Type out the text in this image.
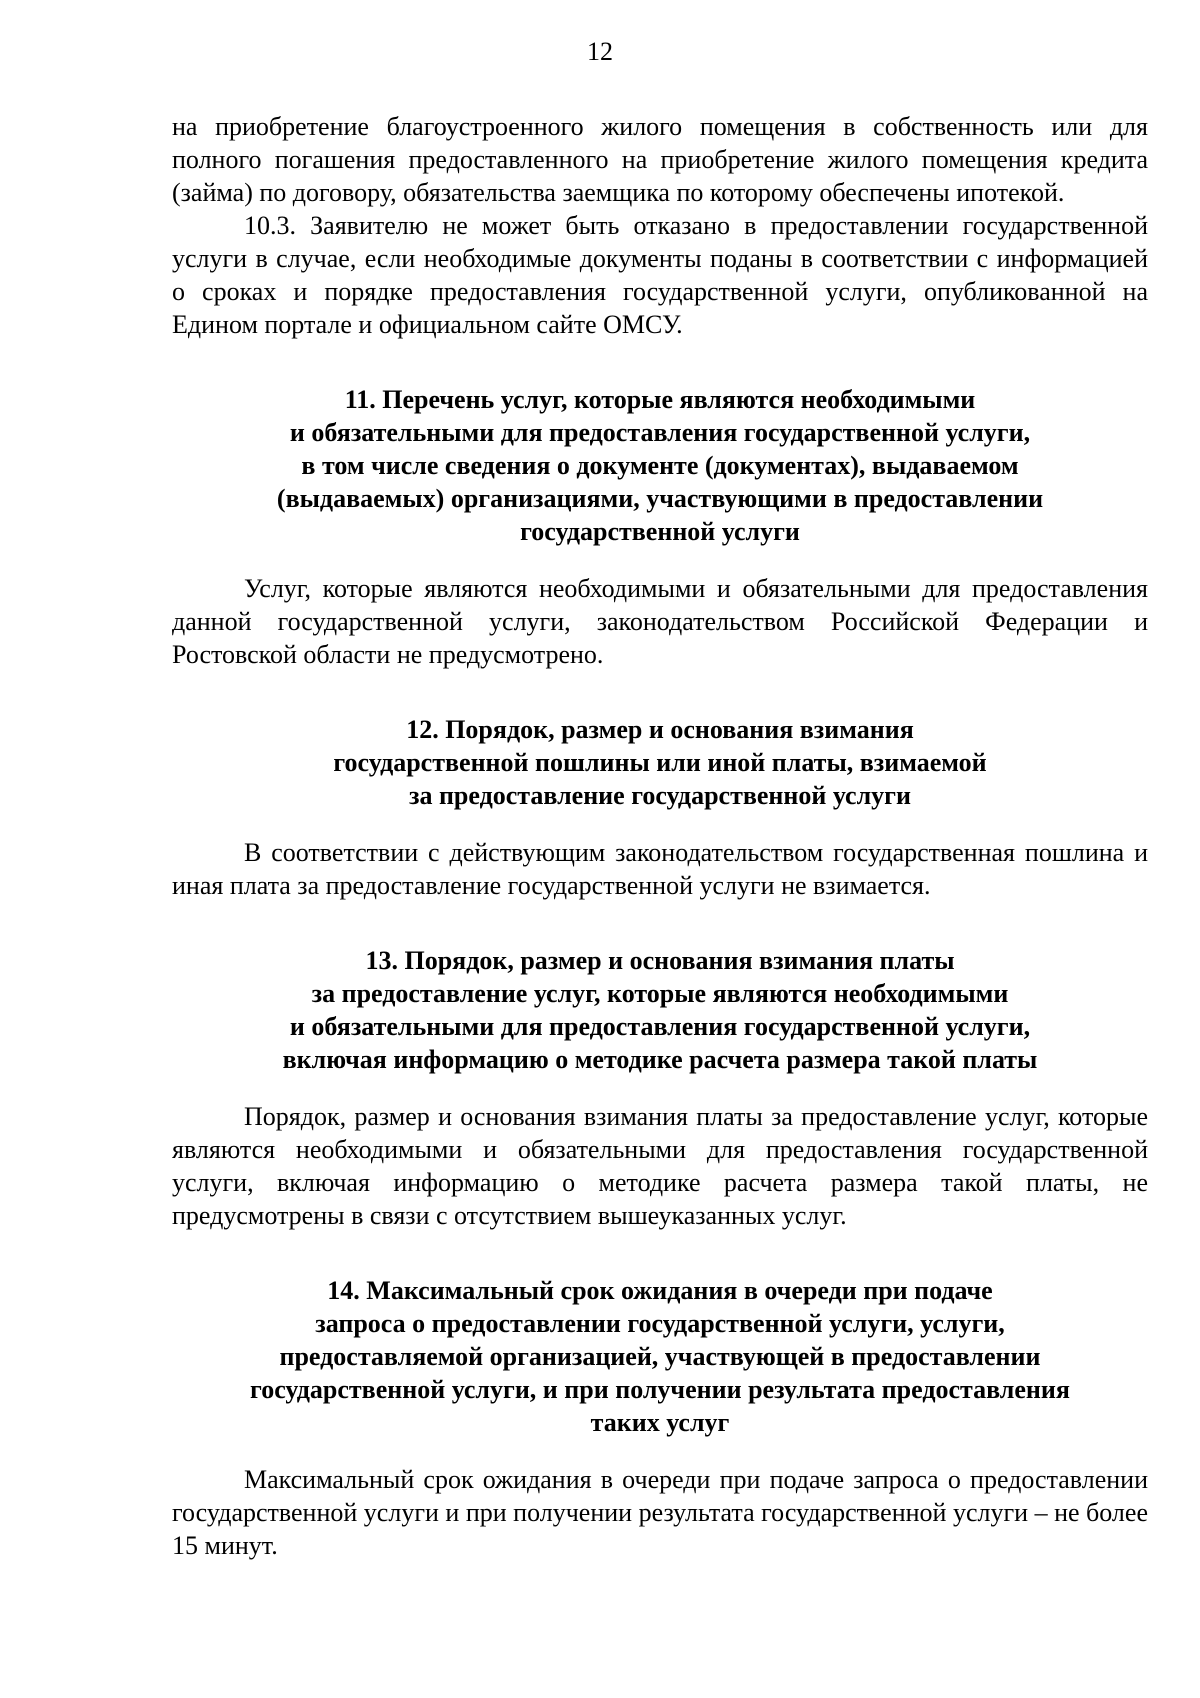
12

на приобретение благоустроенного жилого помещения в собственность или для полного погашения предоставленного на приобретение жилого помещения кредита (займа) по договору, обязательства заемщика по которому обеспечены ипотекой.

10.3. Заявителю не может быть отказано в предоставлении государственной услуги в случае, если необходимые документы поданы в соответствии с информацией о сроках и порядке предоставления государственной услуги, опубликованной на Едином портале и официальном сайте ОМСУ.

11. Перечень услуг, которые являются необходимыми
и обязательными для предоставления государственной услуги,
в том числе сведения о документе (документах), выдаваемом
(выдаваемых) организациями, участвующими в предоставлении
государственной услуги

Услуг, которые являются необходимыми и обязательными для предоставления данной государственной услуги, законодательством Российской Федерации и Ростовской области не предусмотрено.

12. Порядок, размер и основания взимания
государственной пошлины или иной платы, взимаемой
за предоставление государственной услуги

В соответствии с действующим законодательством государственная пошлина и иная плата за предоставление государственной услуги не взимается.

13. Порядок, размер и основания взимания платы
за предоставление услуг, которые являются необходимыми
и обязательными для предоставления государственной услуги,
включая информацию о методике расчета размера такой платы

Порядок, размер и основания взимания платы за предоставление услуг, которые являются необходимыми и обязательными для предоставления государственной услуги, включая информацию о методике расчета размера такой платы, не предусмотрены в связи с отсутствием вышеуказанных услуг.

14. Максимальный срок ожидания в очереди при подаче
запроса о предоставлении государственной услуги, услуги,
предоставляемой организацией, участвующей в предоставлении
государственной услуги, и при получении результата предоставления
таких услуг

Максимальный срок ожидания в очереди при подаче запроса о предоставлении государственной услуги и при получении результата государственной услуги – не более 15 минут.
